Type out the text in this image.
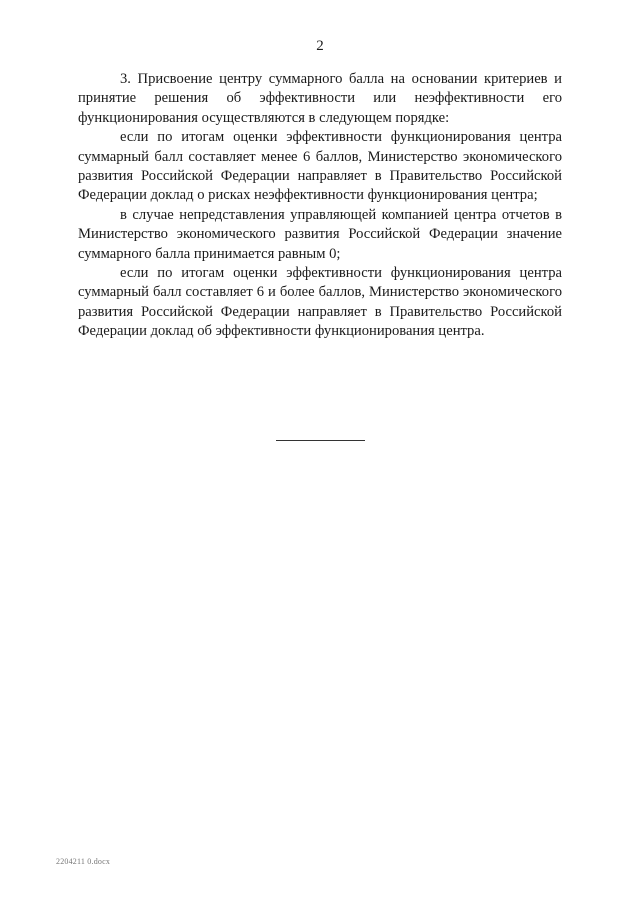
2

3. Присвоение центру суммарного балла на основании критериев и принятие решения об эффективности или неэффективности его функционирования осуществляются в следующем порядке:

если по итогам оценки эффективности функционирования центра суммарный балл составляет менее 6 баллов, Министерство экономического развития Российской Федерации направляет в Правительство Российской Федерации доклад о рисках неэффективности функционирования центра;

в случае непредставления управляющей компанией центра отчетов в Министерство экономического развития Российской Федерации значение суммарного балла принимается равным 0;

если по итогам оценки эффективности функционирования центра суммарный балл составляет 6 и более баллов, Министерство экономического развития Российской Федерации направляет в Правительство Российской Федерации доклад об эффективности функционирования центра.

2204211 0.docx
